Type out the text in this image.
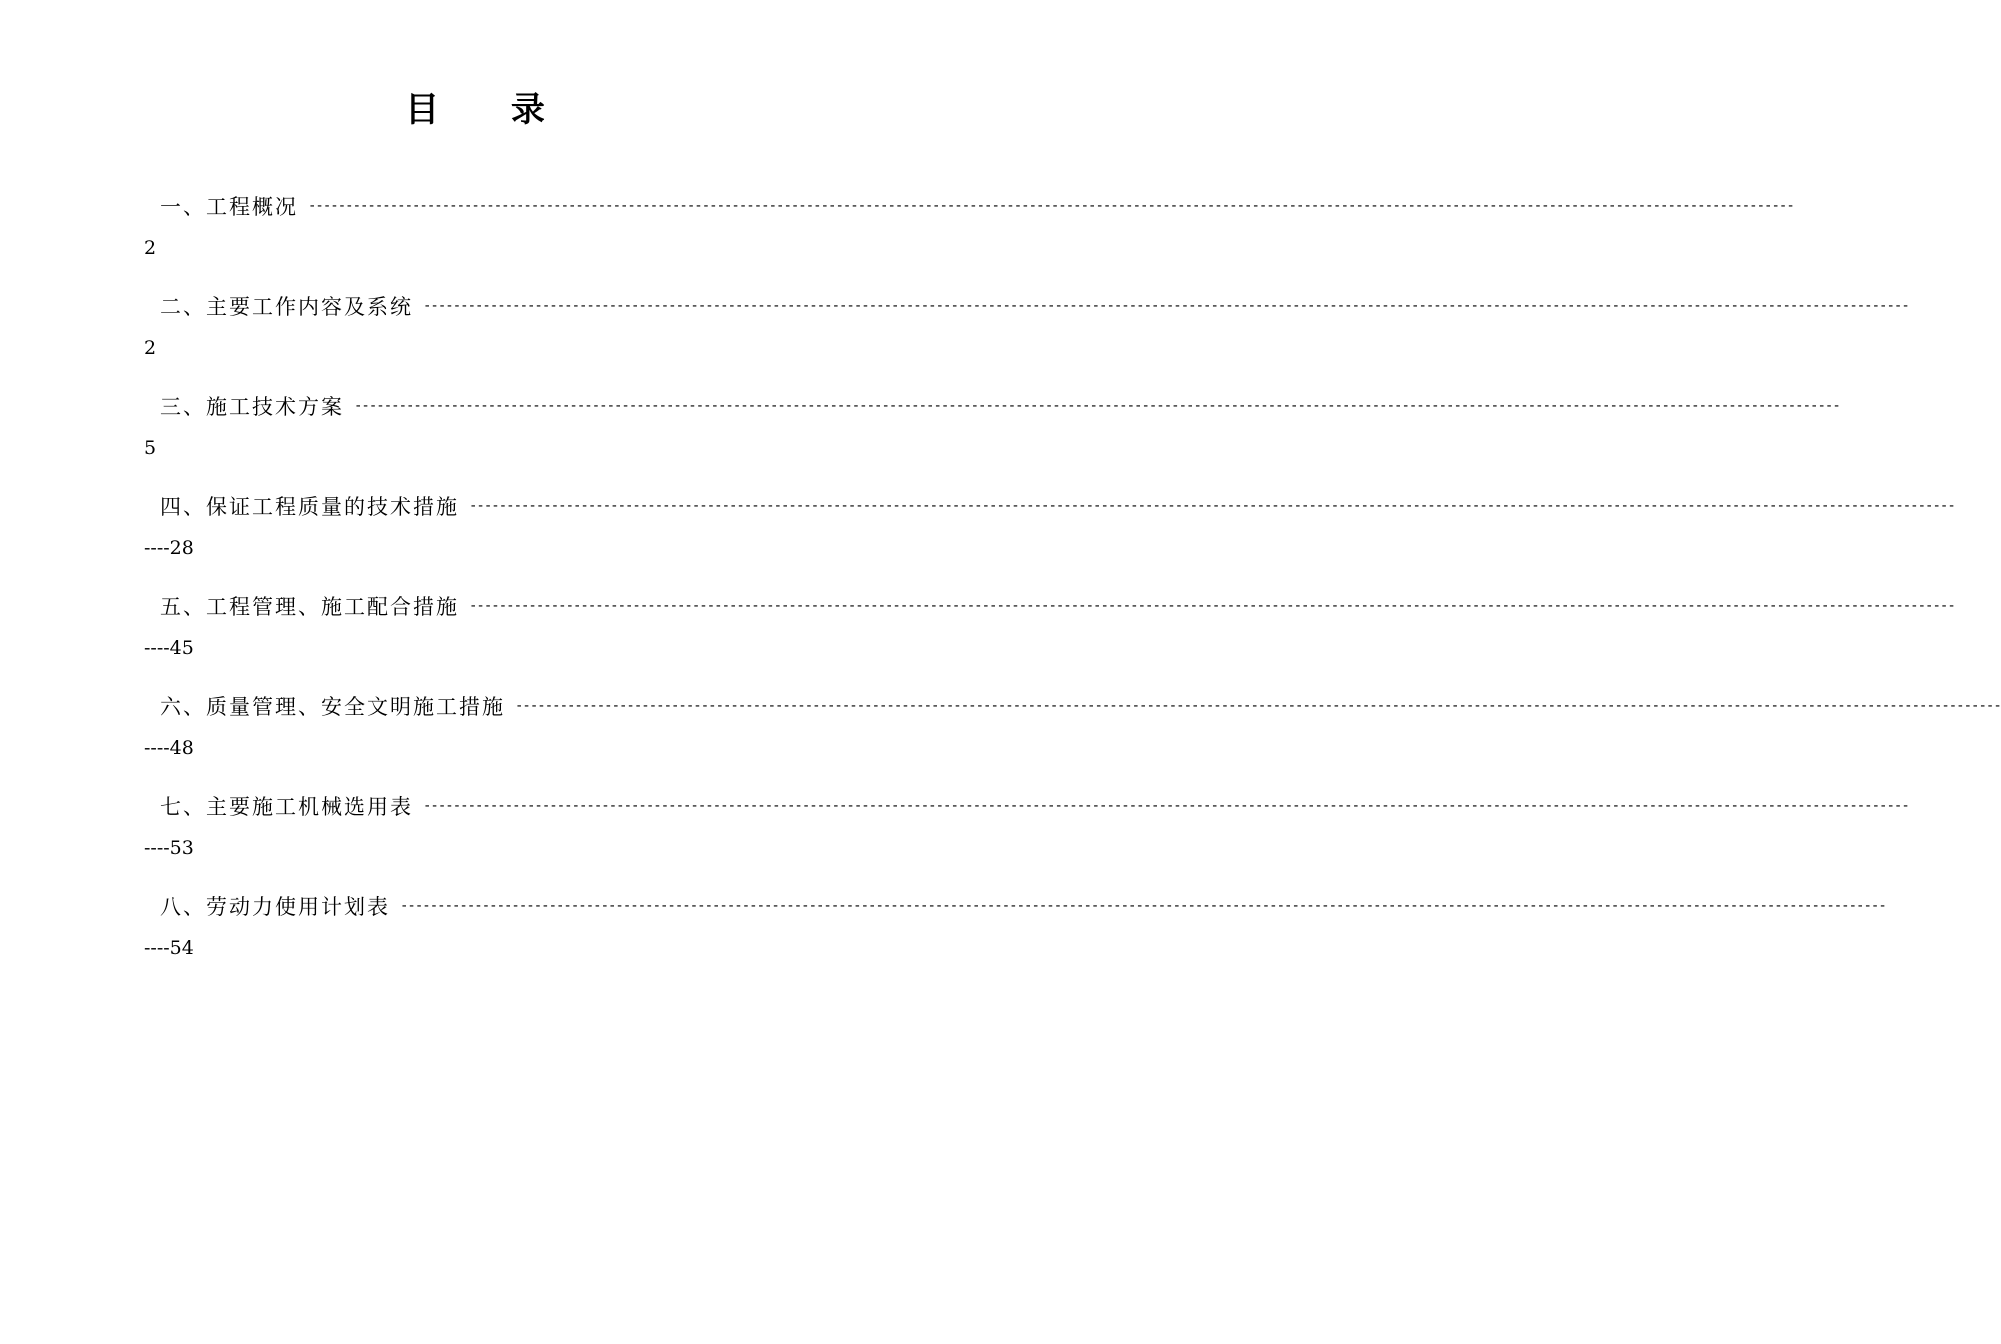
目 录
一、工程概况 --------------------------------------------------------------------------------------------------------------------------------------------------------------------------------------------------------
2
二、主要工作内容及系统 --------------------------------------------------------------------------------------------------------------------------------------------------------------------------------------------------------
2
三、施工技术方案 --------------------------------------------------------------------------------------------------------------------------------------------------------------------------------------------------------
5
四、保证工程质量的技术措施 --------------------------------------------------------------------------------------------------------------------------------------------------------------------------------------------------------
----28
五、工程管理、施工配合措施 --------------------------------------------------------------------------------------------------------------------------------------------------------------------------------------------------------
----45
六、质量管理、安全文明施工措施 --------------------------------------------------------------------------------------------------------------------------------------------------------------------------------------------------------
----48
七、主要施工机械选用表 --------------------------------------------------------------------------------------------------------------------------------------------------------------------------------------------------------
----53
八、劳动力使用计划表 --------------------------------------------------------------------------------------------------------------------------------------------------------------------------------------------------------
----54
